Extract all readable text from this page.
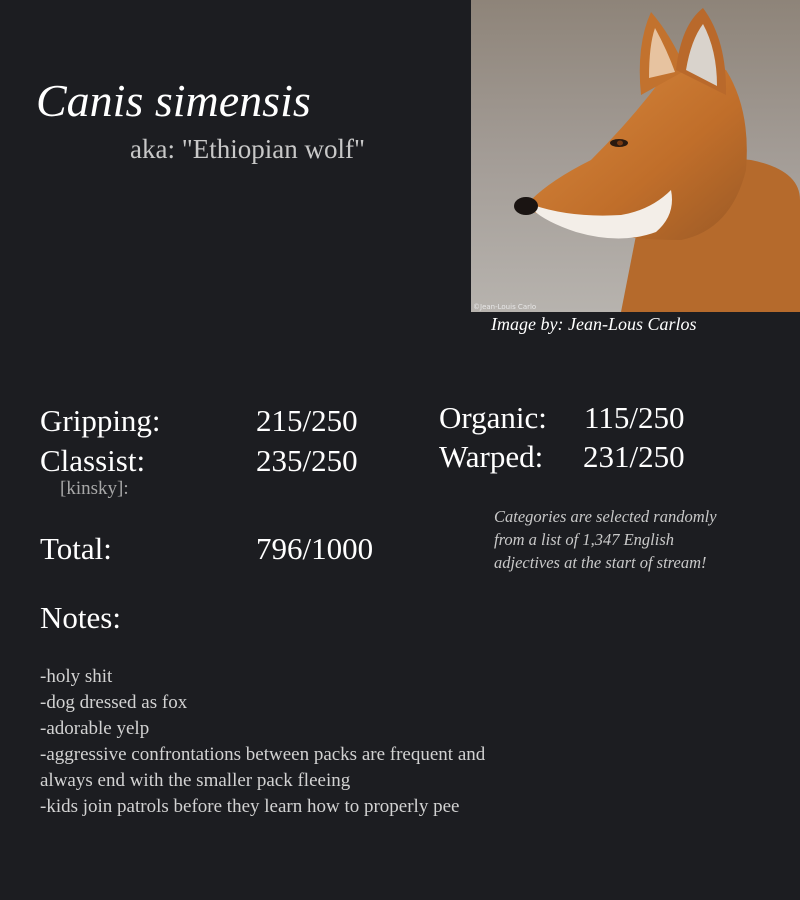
Canis simensis
aka: "Ethiopian wolf"
©Jean-Louis Carlo
Image by: Jean-Lous Carlos
Gripping:	215/250
Classist:	235/250
[kinsky]:
Organic: 115/250
Warped: 231/250
Total:	796/1000
Categories are selected randomly from a list of 1,347 English adjectives at the start of stream!
Notes:
-holy shit
-dog dressed as fox
-adorable yelp
-aggressive confrontations between packs are frequent and always end with the smaller pack fleeing
-kids join patrols before they learn how to properly pee
